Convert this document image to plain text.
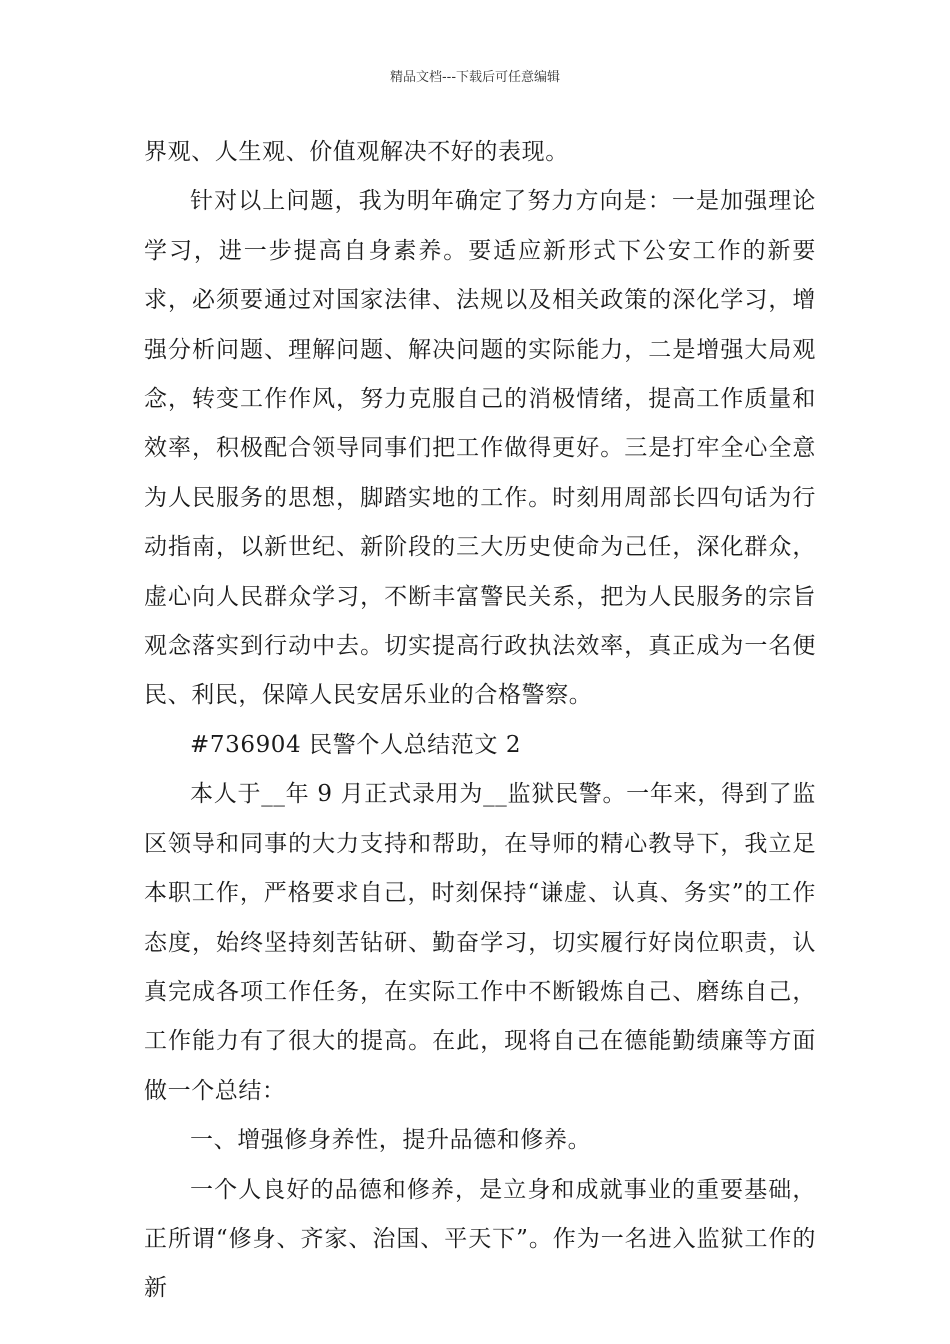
精品文档---下载后可任意编辑

界观、人生观、价值观解决不好的表现。

针对以上问题，我为明年确定了努力方向是：一是加强理论学习，进一步提高自身素养。要适应新形式下公安工作的新要求，必须要通过对国家法律、法规以及相关政策的深化学习，增强分析问题、理解问题、解决问题的实际能力，二是增强大局观念，转变工作作风，努力克服自己的消极情绪，提高工作质量和效率，积极配合领导同事们把工作做得更好。三是打牢全心全意为人民服务的思想，脚踏实地的工作。时刻用周部长四句话为行动指南，以新世纪、新阶段的三大历史使命为己任，深化群众，虚心向人民群众学习，不断丰富警民关系，把为人民服务的宗旨观念落实到行动中去。切实提高行政执法效率，真正成为一名便民、利民，保障人民安居乐业的合格警察。

#736904 民警个人总结范文 2

本人于__年 9 月正式录用为__监狱民警。一年来，得到了监区领导和同事的大力支持和帮助，在导师的精心教导下，我立足本职工作，严格要求自己，时刻保持“谦虚、认真、务实”的工作态度，始终坚持刻苦钻研、勤奋学习，切实履行好岗位职责，认真完成各项工作任务，在实际工作中不断锻炼自己、磨练自己，工作能力有了很大的提高。在此，现将自己在德能勤绩廉等方面做一个总结：

一、增强修身养性，提升品德和修养。

一个人良好的品德和修养，是立身和成就事业的重要基础，正所谓“修身、齐家、治国、平天下”。作为一名进入监狱工作的新
